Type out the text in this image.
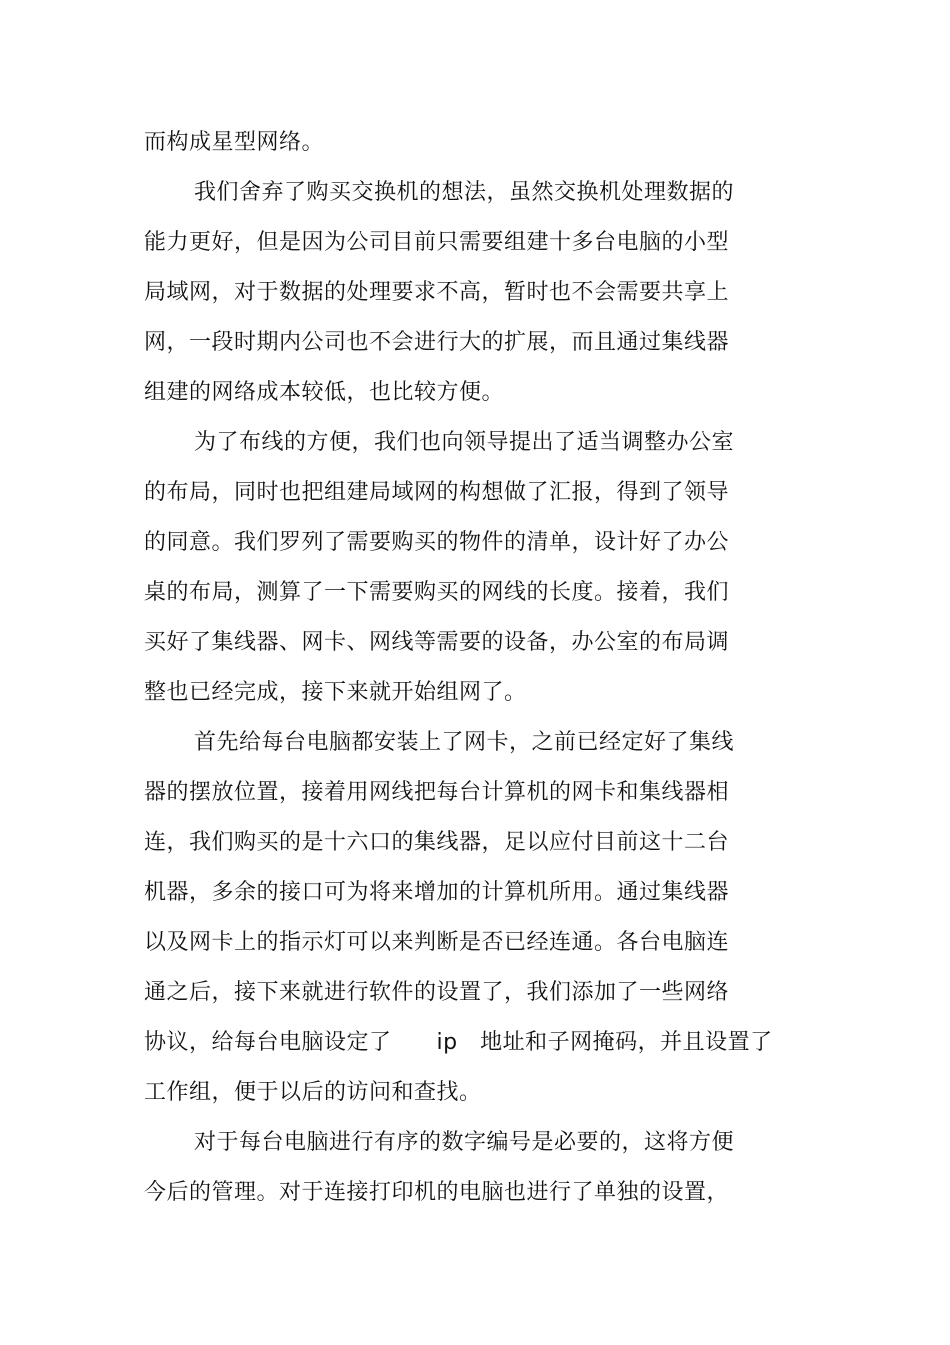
而构成星型网络。
我们舍弃了购买交换机的想法，虽然交换机处理数据的
能力更好，但是因为公司目前只需要组建十多台电脑的小型
局域网，对于数据的处理要求不高，暂时也不会需要共享上
网，一段时期内公司也不会进行大的扩展，而且通过集线器
组建的网络成本较低，也比较方便。
为了布线的方便，我们也向领导提出了适当调整办公室
的布局，同时也把组建局域网的构想做了汇报，得到了领导
的同意。我们罗列了需要购买的物件的清单，设计好了办公
桌的布局，测算了一下需要购买的网线的长度。接着，我们
买好了集线器、网卡、网线等需要的设备，办公室的布局调
整也已经完成，接下来就开始组网了。
首先给每台电脑都安装上了网卡，之前已经定好了集线
器的摆放位置，接着用网线把每台计算机的网卡和集线器相
连，我们购买的是十六口的集线器，足以应付目前这十二台
机器，多余的接口可为将来增加的计算机所用。通过集线器
以及网卡上的指示灯可以来判断是否已经连通。各台电脑连
通之后，接下来就进行软件的设置了，我们添加了一些网络
协议，给每台电脑设定了　　ip　地址和子网掩码，并且设置了
工作组，便于以后的访问和查找。
对于每台电脑进行有序的数字编号是必要的，这将方便
今后的管理。对于连接打印机的电脑也进行了单独的设置，
